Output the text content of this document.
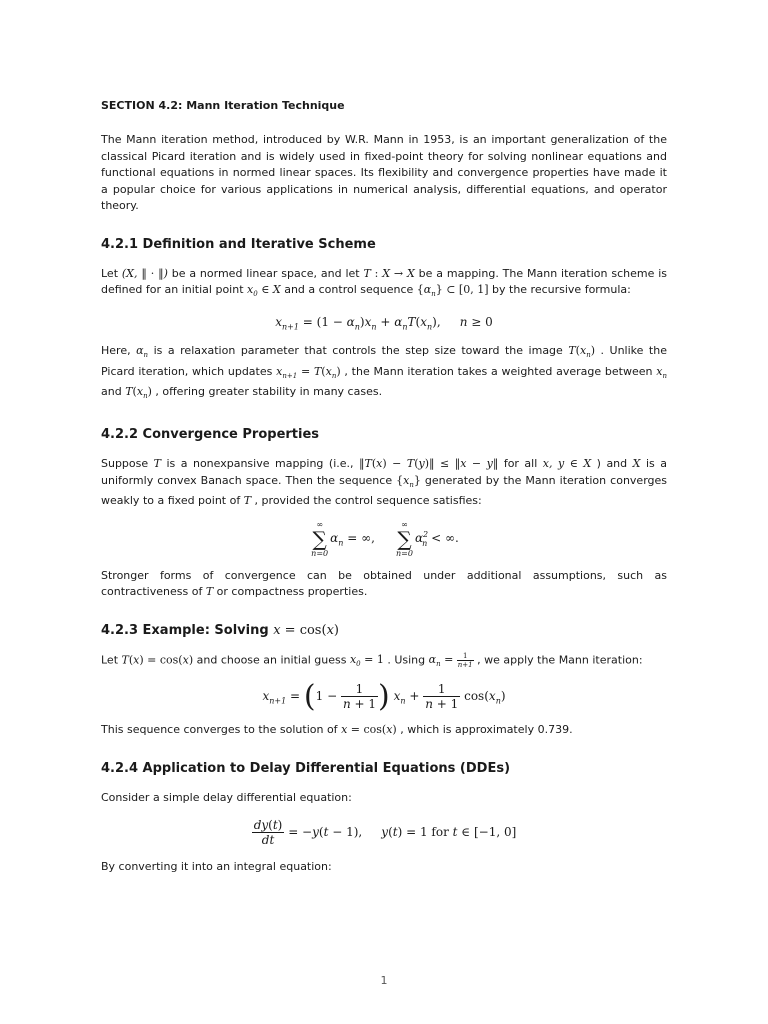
SECTION 4.2: Mann Iteration Technique

The Mann iteration method, introduced by W.R. Mann in 1953, is an important generalization of the classical Picard iteration and is widely used in fixed-point theory for solving nonlinear equations and functional equations in normed linear spaces. Its flexibility and convergence properties have made it a popular choice for various applications in numerical analysis, differential equations, and operator theory.

4.2.1 Definition and Iterative Scheme

Let (X, ‖ · ‖) be a normed linear space, and let T : X → X be a mapping. The Mann iteration scheme is defined for an initial point $x_0$ ∈ X and a control sequence $\{\alpha_n\}$ ⊂ [0, 1] by the recursive formula:

$x_{n+1} = (1 - \alpha_n)x_n + \alpha_nT(x_n)$,     n ≥ 0

Here, $\alpha_n$ is a relaxation parameter that controls the step size toward the image $T(x_n)$ . Unlike the Picard iteration, which updates $x_{n+1} = T(x_n)$ , the Mann iteration takes a weighted average between $x_n$ and $T(x_n)$ , offering greater stability in many cases.

4.2.2 Convergence Properties

Suppose T is a nonexpansive mapping (i.e., ‖T(x) − T(y)‖ ≤ ‖x − y‖ for all x, y ∈ X ) and X is a uniformly convex Banach space. Then the sequence $\{x_n\}$ generated by the Mann iteration converges weakly to a fixed point of T , provided the control sequence satisfies:

∞
∑
n=0
$\alpha_n$ = ∞,
∞
∑
n=0
$\alpha^2_n$ < ∞.

Stronger forms of convergence can be obtained under additional assumptions, such as contractiveness of T or compactness properties.

4.2.3 Example: Solving x = cos(x)

Let T(x) = cos(x) and choose an initial guess $x_0 = 1$ . Using $\alpha_n = \frac{1}{n+1}$ , we apply the Mann iteration:

$x_{n+1} = (1 - \frac{1}{n + 1}$ ) $x_n + \frac{1}{n + 1} \cos(x_n)$

This sequence converges to the solution of x = cos(x) , which is approximately 0.739.

4.2.4 Application to Delay Differential Equations (DDEs)

Consider a simple delay differential equation:

$\frac{dy(t)}{dt} = -y(t - 1)$,     y(t) = 1 for t ∈ [−1, 0]

By converting it into an integral equation:

1
